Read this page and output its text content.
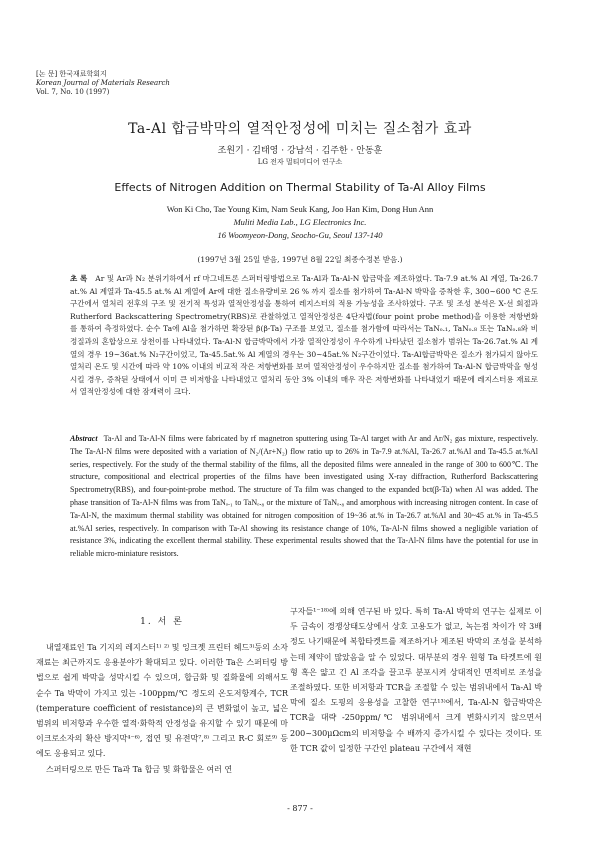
[논 문] 한국재료학회지
Korean Journal of Materials Research
Vol. 7, No. 10 (1997)
Ta-Al 합금박막의 열적안정성에 미치는 질소첨가 효과
조원기 · 김태영 · 강남석 · 김주한 · 안동훈
LG 전자 멀티미디어 연구소
Effects of Nitrogen Addition on Thermal Stability of Ta-Al Alloy Films
Won Ki Cho, Tae Young Kim, Nam Seuk Kang, Joo Han Kim, Dong Hun Ann
Muliti Media Lab., LG Electronics Inc.
16 Woomyeon-Dong, Seocho-Gu, Seoul 137-140
(1997년 3월 25일 받음, 1997년 8월 22일 최종수정본 받음.)
초 록 Ar 및 Ar과 N₂ 분위기하에서 rf 마그네트론 스퍼터링방법으로 Ta-Al과 Ta-Al-N 합금막을 제조하였다. Ta-7.9 at.% Al 계열, Ta-26.7 at.% Al 계열과 Ta-45.5 at.% Al 계열에 Ar에 대한 질소유량비로 26 % 까지 질소를 첨가하여 Ta-Al-N 박막을 증착한 후, 300~600 ℃ 온도 구간에서 열처리 전후의 구조 및 전기적 특성과 열적안정성을 통하여 레지스터의 적용 가능성을 조사하였다. 구조 및 조성 분석은 X-선 회절과 Rutherford Backscattering Spectrometry(RBS)로 관찰하였고 열적안정성은 4단자법(four point probe method)을 이용한 저항변화를 통하여 측정하였다. 순수 Ta에 Al을 첨가하면 확장된 β(β-Ta) 구조를 보였고, 질소를 첨가함에 따라서는 TaNₒ.₁, TaNₒ.₈ 또는 TaNₒ.₈와 비정질과의 혼합상으로 상천이를 나타내었다. Ta-Al-N 합금박막에서 가장 열적안정성이 우수하게 나타났던 질소첨가 범위는 Ta-26.7at.% Al 계열의 경우 19~36at.% N₂구간이었고, Ta-45.5at.% Al 계열의 경우는 30~45at.% N₂구간이었다. Ta-Al합금박막은 질소가 첨가되지 않아도 열처리 온도 및 시간에 따라 약 10% 이내의 비교적 작은 저항변화를 보여 열적안정성이 우수하지만 질소를 첨가하여 Ta-Al-N 합금박막을 형성시킬 경우, 증착된 상태에서 이미 큰 비저항을 나타내었고 열처리 동안 3% 이내의 매우 작은 저항변화를 나타내었기 때문에 레지스터용 재료로서 열적안정성에 대한 잠재력이 크다.
Abstract Ta-Al and Ta-Al-N films were fabricated by rf magnetron sputtering using Ta-Al target with Ar and Ar/N₂ gas mixture, respectively. The Ta-Al-N films were deposited with a variation of N₂/(Ar+N₂) flow ratio up to 26% in Ta-7.9 at.%Al, Ta-26.7 at.%Al and Ta-45.5 at.%Al series, respectively. For the study of the thermal stability of the films, all the deposited films were annealed in the range of 300 to 600℃. The structure, compositional and electrical properties of the films have been investigated using X-ray diffraction, Rutherford Backscattering Spectrometry(RBS), and four-point-probe method. The structure of Ta film was changed to the expanded bct(β-Ta) when Al was added. The phase transition of Ta-Al-N films was from TaNₒ.₁ to TaNₒ.₈ or the mixture of TaNₒ.₈ and amorphous with increasing nitrogen content. In case of Ta-Al-N, the maximum thermal stability was obtained for nitrogen composition of 19~36 at.% in Ta-26.7 at.%Al and 30~45 at.% in Ta-45.5 at.%Al series, respectively. In comparison with Ta-Al showing its resistance change of 10%, Ta-Al-N films showed a negligible variation of resistance 3%, indicating the excellent thermal stability. These experimental results showed that the Ta-Al-N films have the potential for use in reliable micro-miniature resistors.
1. 서 론

내열재료인 Ta 기지의 레지스터¹⁾ ²⁾ 및 잉크젯 프린터 헤드³⁾등의 소자재료는 최근까지도 응용분야가 확대되고 있다. 이러한 Ta은 스퍼터링 방법으로 쉽게 박막을 성막시킬 수 있으며, 합금화 및 질화물에 의해서도 순수 Ta 박막이 가지고 있는 -100ppm/℃ 정도의 온도저항계수, TCR (temperature coefficient of resistance)의 큰 변화없이 높고, 넓은 범위의 비저항과 우수한 열적·화학적 안정성을 유지할 수 있기 때문에 마이크로소자의 확산 방지막⁴⁻⁶⁾, 접연 및 유전막⁷,⁸⁾ 그리고 R-C 회로⁹⁾ 등에도 응용되고 있다.

스퍼터링으로 만든 Ta과 Ta 합금 및 화합물은 여러 연

구자들¹⁻¹⁸⁾에 의해 연구된 바 있다. 특히 Ta-Al 박막의 연구는 실제로 이 두 금속이 경쟁상태도상에서 상호 고용도가 없고, 녹는점 차이가 약 3배 정도 나기때문에 복합타켓트를 제조하거나 제조된 박막의 조성을 분석하는데 제약이 많았음을 알 수 있었다. 대부분의 경우 원형 Ta 타켓트에 원형 혹은 얇고 긴 Al 조각을 끌고루 분포시켜 상대적인 면적비로 조성을 조절하였다. 또한 비저항과 TCR을 조절할 수 있는 범위내에서 Ta-Al 박막에 질소 도핑의 응용성을 고찰한 연구¹³⁾에서, Ta-Al-N 합금박막은 TCR을 대략 -250ppm/℃ 범위내에서 크게 변화시키지 않으면서 200~300μΩcm의 비저항을 수 배까지 증가시킬 수 있다는 것이다. 또한 TCR 값이 일정한 구간인 plateau 구간에서 재현

- 877 -
